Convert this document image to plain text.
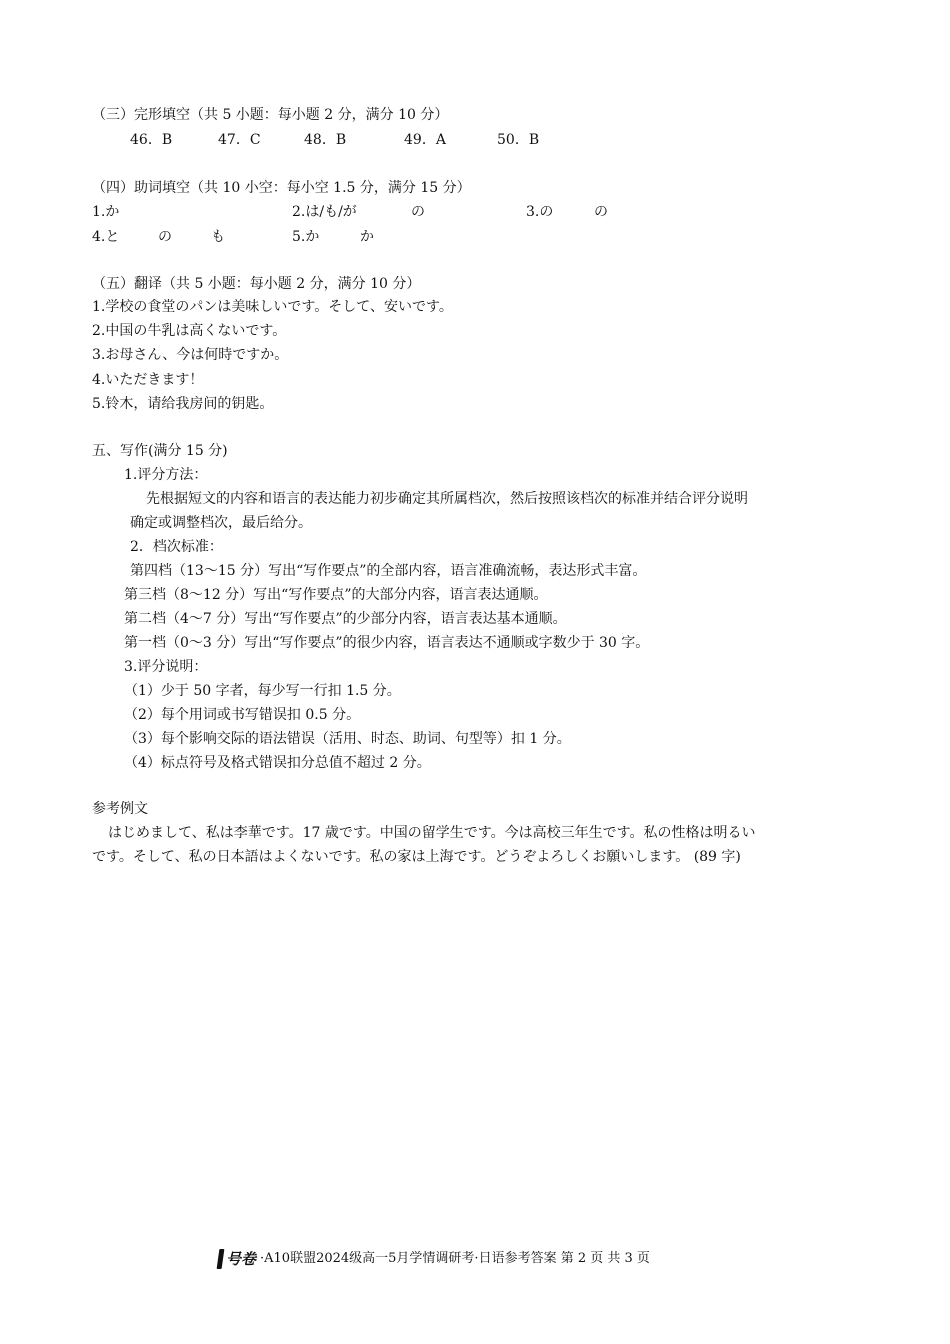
（三）完形填空（共 5 小题：每小题 2 分，满分 10 分）
46．B	47．C	48．B	49．A	50．B
（四）助词填空（共 10 小空：每小空 1.5 分，满分 15 分）
1.か	2.は/も/が	の	3.の	の
4.と	の	も	5.か	か
（五）翻译（共 5 小题：每小题 2 分，满分 10 分）
1.学校の食堂のパンは美味しいです。そして、安いです。
2.中国の牛乳は高くないです。
3.お母さん、今は何時ですか。
4.いただきます！
5.铃木，请给我房间的钥匙。
五、写作(满分 15 分)
1.评分方法：
先根据短文的内容和语言的表达能力初步确定其所属档次，然后按照该档次的标准并结合评分说明
确定或调整档次，最后给分。
2．档次标准：
第四档（13～15 分）写出“写作要点”的全部内容，语言准确流畅，表达形式丰富。
第三档（8～12 分）写出“写作要点”的大部分内容，语言表达通顺。
第二档（4～7 分）写出“写作要点”的少部分内容，语言表达基本通顺。
第一档（0～3 分）写出“写作要点”的很少内容，语言表达不通顺或字数少于 30 字。
3.评分说明：
（1）少于 50 字者，每少写一行扣 1.5 分。
（2）每个用词或书写错误扣 0.5 分。
（3）每个影响交际的语法错误（活用、时态、助词、句型等）扣 1 分。
（4）标点符号及格式错误扣分总值不超过 2 分。
参考例文
はじめまして、私は李華です。17 歳です。中国の留学生です。今は高校三年生です。私の性格は明るい
です。そして、私の日本語はよくないです。私の家は上海です。どうぞよろしくお願いします。 (89 字)
号卷 ·A10联盟2024级高一5月学情调研考·日语参考答案 第 2 页 共 3 页
